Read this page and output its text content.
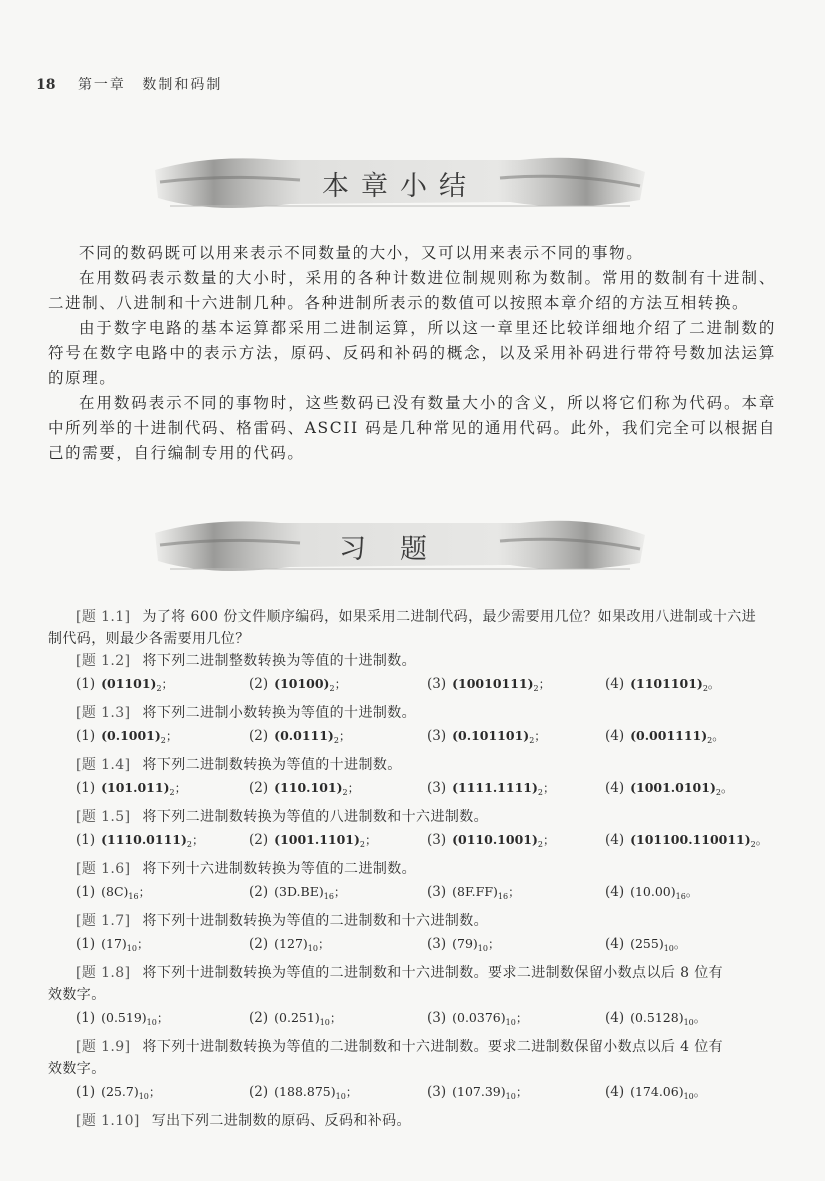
18 第一章 数制和码制
本章小结

不同的数码既可以用来表示不同数量的大小，又可以用来表示不同的事物。

在用数码表示数量的大小时，采用的各种计数进位制规则称为数制。常用的数制有十进制、二进制、八进制和十六进制几种。各种进制所表示的数值可以按照本章介绍的方法互相转换。

由于数字电路的基本运算都采用二进制运算，所以这一章里还比较详细地介绍了二进制数的符号在数字电路中的表示方法，原码、反码和补码的概念，以及采用补码进行带符号数加法运算的原理。

在用数码表示不同的事物时，这些数码已没有数量大小的含义，所以将它们称为代码。本章中所列举的十进制代码、格雷码、ASCII 码是几种常见的通用代码。此外，我们完全可以根据自己的需要，自行编制专用的代码。

习题

[题 1.1] 为了将 600 份文件顺序编码，如果采用二进制代码，最少需要用几位？如果改用八进制或十六进

制代码，则最少各需要用几位？

[题 1.2] 将下列二进制整数转换为等值的十进制数。

(1) $(01101)_2$；	(2) $(10100)_2$；	(3) $(10010111)_2$；	(4) $(1101101)_2$。

[题 1.3] 将下列二进制小数转换为等值的十进制数。

(1) $(0.1001)_2$；	(2) $(0.0111)_2$；	(3) $(0.101101)_2$；	(4) $(0.001111)_2$。

[题 1.4] 将下列二进制数转换为等值的十进制数。

(1) $(101.011)_2$；	(2) $(110.101)_2$；	(3) $(1111.1111)_2$；	(4) $(1001.0101)_2$。

[题 1.5] 将下列二进制数转换为等值的八进制数和十六进制数。

(1) $(1110.0111)_2$；	(2) $(1001.1101)_2$；	(3) $(0110.1001)_2$；	(4) $(101100.110011)_2$。

[题 1.6] 将下列十六进制数转换为等值的二进制数。

(1) $(8C)_{16}$；	(2) $(3D.BE)_{16}$；	(3) $(8F.FF)_{16}$；	(4) $(10.00)_{16}$。

[题 1.7] 将下列十进制数转换为等值的二进制数和十六进制数。

(1) $(17)_{10}$；	(2) $(127)_{10}$；	(3) $(79)_{10}$；	(4) $(255)_{10}$。

[题 1.8] 将下列十进制数转换为等值的二进制数和十六进制数。要求二进制数保留小数点以后 8 位有

效数字。

(1) $(0.519)_{10}$；	(2) $(0.251)_{10}$；	(3) $(0.0376)_{10}$；	(4) $(0.5128)_{10}$。

[题 1.9] 将下列十进制数转换为等值的二进制数和十六进制数。要求二进制数保留小数点以后 4 位有

效数字。

(1) $(25.7)_{10}$；	(2) $(188.875)_{10}$；	(3) $(107.39)_{10}$；	(4) $(174.06)_{10}$。

[题 1.10] 写出下列二进制数的原码、反码和补码。
